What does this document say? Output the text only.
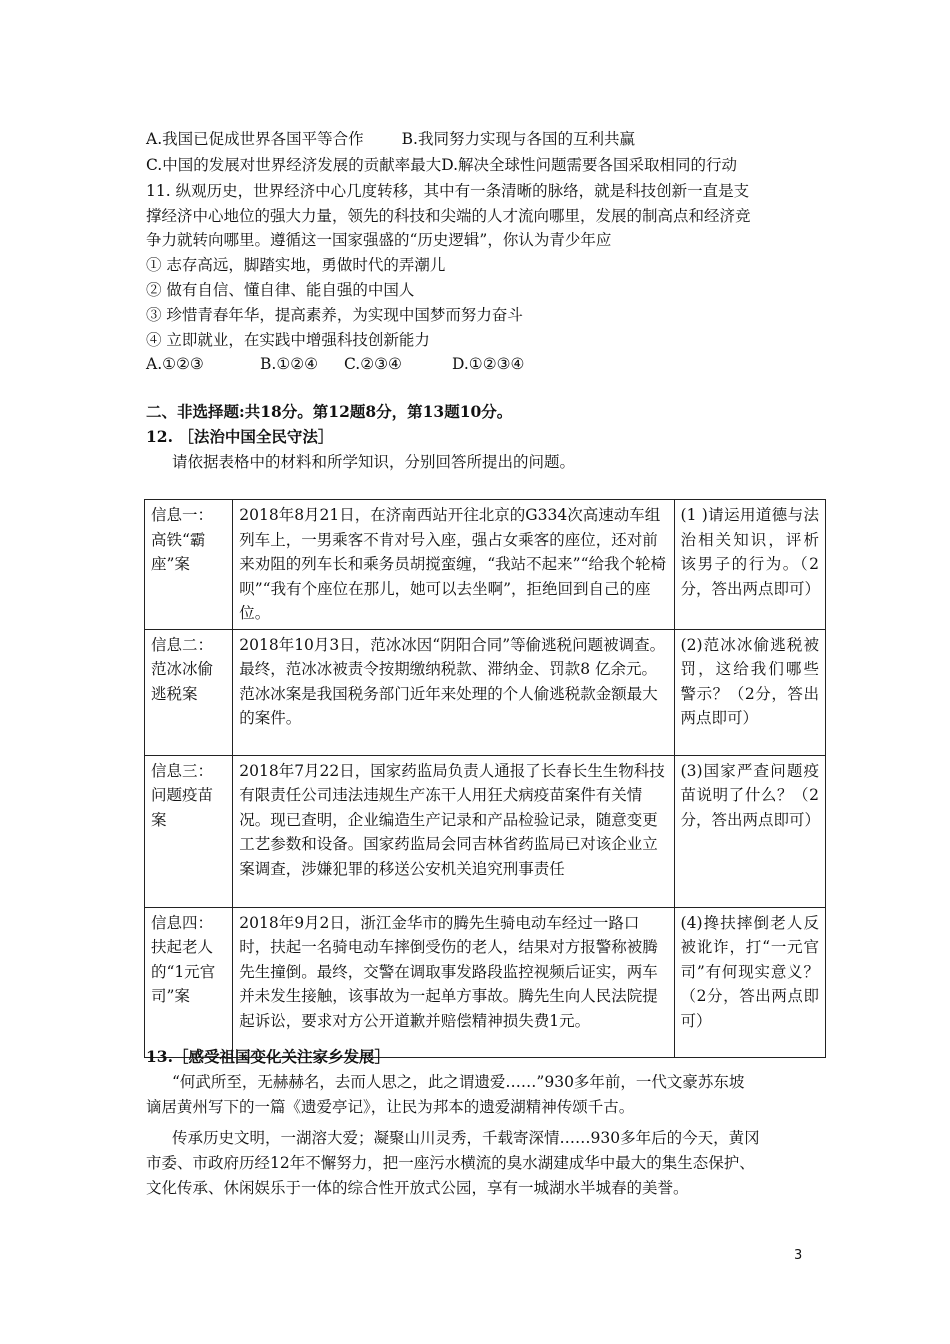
A.我国已促成世界各国平等合作 B.我同努力实现与各国的互利共赢
C.中国的发展对世界经济发展的贡献率最大D.解决全球性问题需要各国采取相同的行动
11. 纵观历史，世界经济中心几度转移，其中有一条清晰的脉络，就是科技创新一直是支
撑经济中心地位的强大力量，领先的科技和尖端的人才流向哪里，发展的制高点和经济竞
争力就转向哪里。遵循这一国家强盛的“历史逻辑”，你认为青少年应
① 志存高远，脚踏实地，勇做时代的弄潮儿
② 做有自信、懂自律、能自强的中国人
③ 珍惜青春年华，提高素养，为实现中国梦而努力奋斗
④ 立即就业，在实践中增强科技创新能力
A.①②③	B.①②④ C.②③④	D.①②③④
二、非选择题:共18分。第12题8分，第13题10分。
12. ［法治中国全民守法］
请依据表格中的材料和所学知识，分别回答所提出的问题。
信息一：高铁“霸座”案	2018年8月21日，在济南西站开往北京的G334次高速动车组列车上，一男乘客不肯对号入座，强占女乘客的座位，还对前来劝阻的列车长和乘务员胡搅蛮缠，“我站不起来”“给我个轮椅呗”“我有个座位在那儿，她可以去坐啊”，拒绝回到自己的座位。	(1 )请运用道德与法治相关知识，评析该男子的行为。（2分，答出两点即可）
信息二：范冰冰偷逃税案	2018年10月3日，范冰冰因“阴阳合同”等偷逃税问题被调查。最终，范冰冰被责令按期缴纳税款、滞纳金、罚款8 亿余元。范冰冰案是我国税务部门近年来处理的个人偷逃税款金额最大的案件。	(2)范冰冰偷逃税被罚，这给我们哪些警示？（2分，答出两点即可）
信息三：问题疫苗案	2018年7月22日，国家药监局负责人通报了长春长生生物科技有限责任公司违法违规生产冻干人用狂犬病疫苗案件有关情况。现已查明，企业编造生产记录和产品检验记录，随意变更工艺参数和设备。国家药监局会同吉林省药监局已对该企业立案调查，涉嫌犯罪的移送公安机关追究刑事责任	(3)国家严查问题疫苗说明了什么？（2分，答出两点即可）
信息四：扶起老人的“1元官司”案	2018年9月2日，浙江金华市的腾先生骑电动车经过一路口时，扶起一名骑电动车摔倒受伤的老人，结果对方报警称被腾先生撞倒。最终，交警在调取事发路段监控视频后证实，两车并未发生接触，该事故为一起单方事故。腾先生向人民法院提起诉讼，要求对方公开道歉并赔偿精神损失费1元。	(4)搀扶摔倒老人反被讹诈，打“一元官司”有何现实意义？（2分，答出两点即可）
13.［感受祖国变化关注家乡发展］
“何武所至，无赫赫名，去而人思之，此之谓遗爱……”930多年前，一代文豪苏东坡
谪居黄州写下的一篇《遗爱亭记》，让民为邦本的遗爱湖精神传颂千古。
传承历史文明，一湖溶大爱；凝聚山川灵秀，千载寄深情……930多年后的今天，黄冈
市委、市政府历经12年不懈努力，把一座污水横流的臭水湖建成华中最大的集生态保护、
文化传承、休闲娱乐于一体的综合性开放式公园，享有一城湖水半城春的美誉。
3
